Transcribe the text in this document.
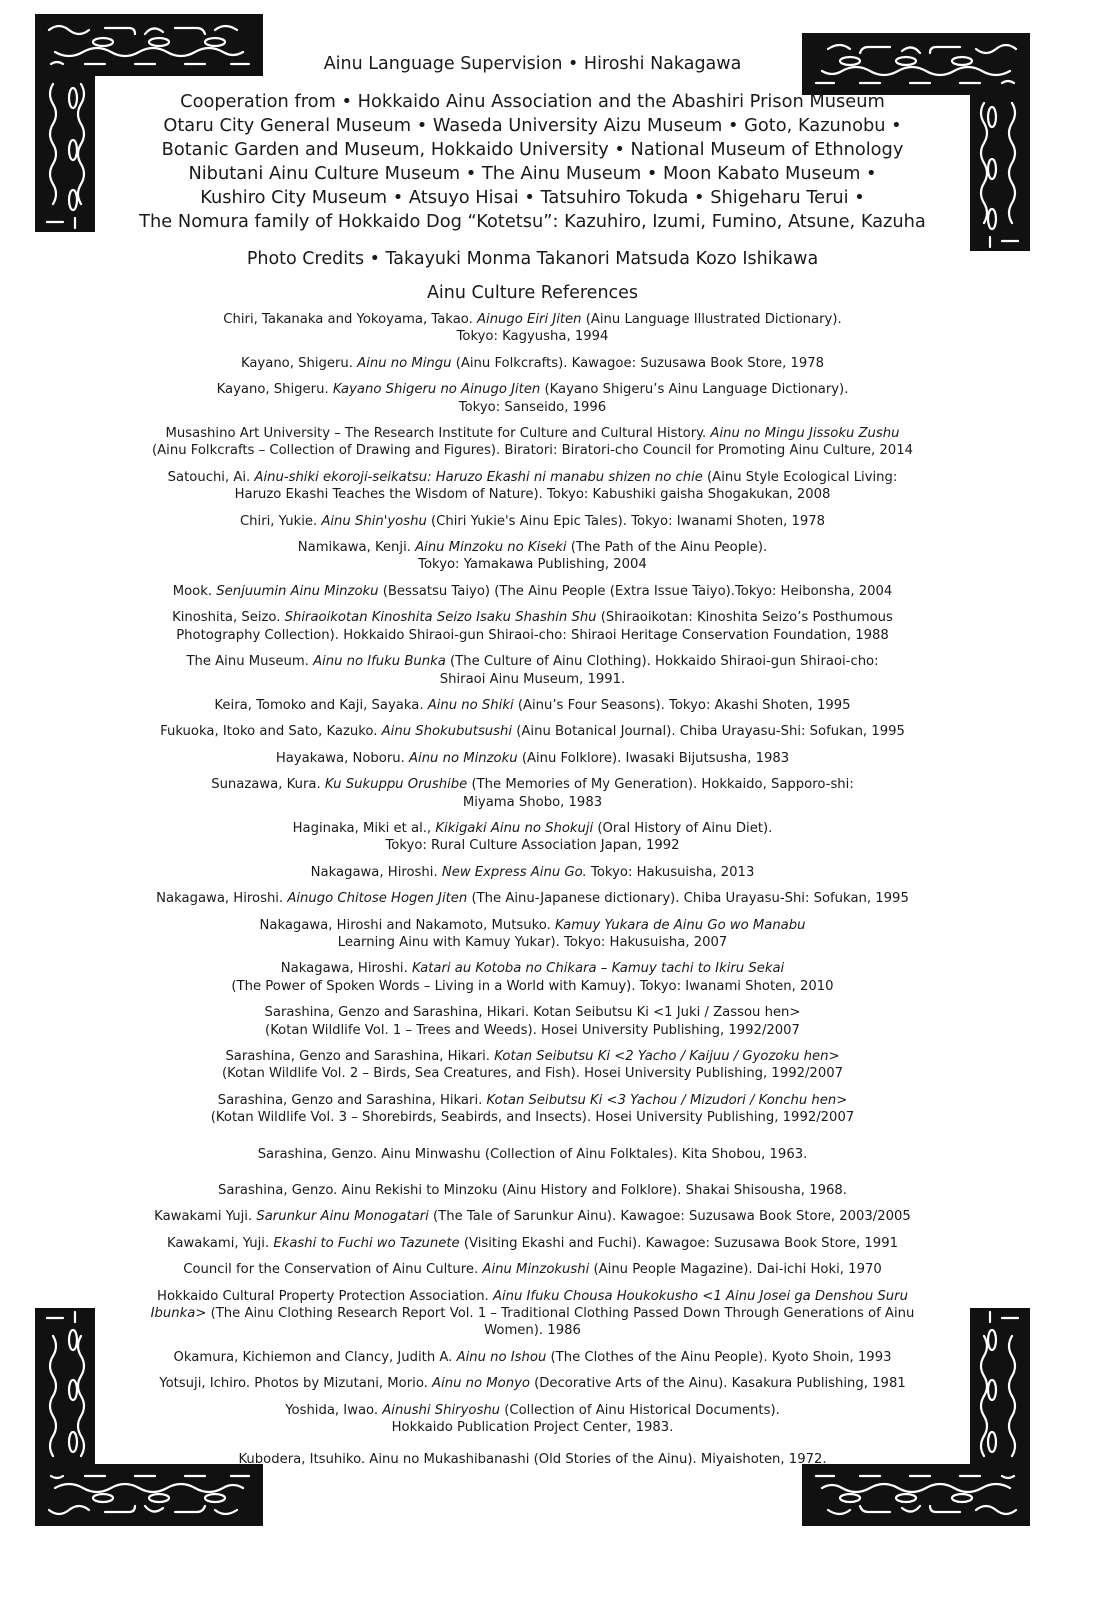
Ainu Language Supervision • Hiroshi Nakagawa
Cooperation from • Hokkaido Ainu Association and the Abashiri Prison Museum
Otaru City General Museum • Waseda University Aizu Museum • Goto, Kazunobu •
Botanic Garden and Museum, Hokkaido University • National Museum of Ethnology
Nibutani Ainu Culture Museum • The Ainu Museum • Moon Kabato Museum •
Kushiro City Museum • Atsuyo Hisai • Tatsuhiro Tokuda • Shigeharu Terui •
The Nomura family of Hokkaido Dog “Kotetsu”: Kazuhiro, Izumi, Fumino, Atsune, Kazuha
Photo Credits • Takayuki Monma Takanori Matsuda Kozo Ishikawa
Ainu Culture References
Chiri, Takanaka and Yokoyama, Takao. Ainugo Eiri Jiten (Ainu Language Illustrated Dictionary).
Tokyo: Kagyusha, 1994
Kayano, Shigeru. Ainu no Mingu (Ainu Folkcrafts). Kawagoe: Suzusawa Book Store, 1978
Kayano, Shigeru. Kayano Shigeru no Ainugo Jiten (Kayano Shigeru’s Ainu Language Dictionary).
Tokyo: Sanseido, 1996
Musashino Art University – The Research Institute for Culture and Cultural History. Ainu no Mingu Jissoku Zushu
(Ainu Folkcrafts – Collection of Drawing and Figures). Biratori: Biratori-cho Council for Promoting Ainu Culture, 2014
Satouchi, Ai. Ainu-shiki ekoroji-seikatsu: Haruzo Ekashi ni manabu shizen no chie (Ainu Style Ecological Living:
Haruzo Ekashi Teaches the Wisdom of Nature). Tokyo: Kabushiki gaisha Shogakukan, 2008
Chiri, Yukie. Ainu Shin'yoshu (Chiri Yukie's Ainu Epic Tales). Tokyo: Iwanami Shoten, 1978
Namikawa, Kenji. Ainu Minzoku no Kiseki (The Path of the Ainu People).
Tokyo: Yamakawa Publishing, 2004
Mook. Senjuumin Ainu Minzoku (Bessatsu Taiyo) (The Ainu People (Extra Issue Taiyo).Tokyo: Heibonsha, 2004
Kinoshita, Seizo. Shiraoikotan Kinoshita Seizo Isaku Shashin Shu (Shiraoikotan: Kinoshita Seizo’s Posthumous
Photography Collection). Hokkaido Shiraoi-gun Shiraoi-cho: Shiraoi Heritage Conservation Foundation, 1988
The Ainu Museum. Ainu no Ifuku Bunka (The Culture of Ainu Clothing). Hokkaido Shiraoi-gun Shiraoi-cho:
Shiraoi Ainu Museum, 1991.
Keira, Tomoko and Kaji, Sayaka. Ainu no Shiki (Ainu’s Four Seasons). Tokyo: Akashi Shoten, 1995
Fukuoka, Itoko and Sato, Kazuko. Ainu Shokubutsushi (Ainu Botanical Journal). Chiba Urayasu-Shi: Sofukan, 1995
Hayakawa, Noboru. Ainu no Minzoku (Ainu Folklore). Iwasaki Bijutsusha, 1983
Sunazawa, Kura. Ku Sukuppu Orushibe (The Memories of My Generation). Hokkaido, Sapporo-shi:
Miyama Shobo, 1983
Haginaka, Miki et al., Kikigaki Ainu no Shokuji (Oral History of Ainu Diet).
Tokyo: Rural Culture Association Japan, 1992
Nakagawa, Hiroshi. New Express Ainu Go. Tokyo: Hakusuisha, 2013
Nakagawa, Hiroshi. Ainugo Chitose Hogen Jiten (The Ainu-Japanese dictionary). Chiba Urayasu-Shi: Sofukan, 1995
Nakagawa, Hiroshi and Nakamoto, Mutsuko. Kamuy Yukara de Ainu Go wo Manabu
Learning Ainu with Kamuy Yukar). Tokyo: Hakusuisha, 2007
Nakagawa, Hiroshi. Katari au Kotoba no Chikara – Kamuy tachi to Ikiru Sekai
(The Power of Spoken Words – Living in a World with Kamuy). Tokyo: Iwanami Shoten, 2010
Sarashina, Genzo and Sarashina, Hikari. Kotan Seibutsu Ki <1 Juki / Zassou hen>
(Kotan Wildlife Vol. 1 – Trees and Weeds). Hosei University Publishing, 1992/2007
Sarashina, Genzo and Sarashina, Hikari. Kotan Seibutsu Ki <2 Yacho / Kaijuu / Gyozoku hen>
(Kotan Wildlife Vol. 2 – Birds, Sea Creatures, and Fish). Hosei University Publishing, 1992/2007
Sarashina, Genzo and Sarashina, Hikari. Kotan Seibutsu Ki <3 Yachou / Mizudori / Konchu hen>
(Kotan Wildlife Vol. 3 – Shorebirds, Seabirds, and Insects). Hosei University Publishing, 1992/2007
Sarashina, Genzo. Ainu Minwashu (Collection of Ainu Folktales). Kita Shobou, 1963.
Sarashina, Genzo. Ainu Rekishi to Minzoku (Ainu History and Folklore). Shakai Shisousha, 1968.
Kawakami Yuji. Sarunkur Ainu Monogatari (The Tale of Sarunkur Ainu). Kawagoe: Suzusawa Book Store, 2003/2005
Kawakami, Yuji. Ekashi to Fuchi wo Tazunete (Visiting Ekashi and Fuchi). Kawagoe: Suzusawa Book Store, 1991
Council for the Conservation of Ainu Culture. Ainu Minzokushi (Ainu People Magazine). Dai-ichi Hoki, 1970
Hokkaido Cultural Property Protection Association. Ainu Ifuku Chousa Houkokusho <1 Ainu Josei ga Denshou Suru
Ibunka> (The Ainu Clothing Research Report Vol. 1 – Traditional Clothing Passed Down Through Generations of Ainu
Women). 1986
Okamura, Kichiemon and Clancy, Judith A. Ainu no Ishou (The Clothes of the Ainu People). Kyoto Shoin, 1993
Yotsuji, Ichiro. Photos by Mizutani, Morio. Ainu no Monyo (Decorative Arts of the Ainu). Kasakura Publishing, 1981
Yoshida, Iwao. Ainushi Shiryoshu (Collection of Ainu Historical Documents).
Hokkaido Publication Project Center, 1983.
Kubodera, Itsuhiko. Ainu no Mukashibanashi (Old Stories of the Ainu). Miyaishoten, 1972.
